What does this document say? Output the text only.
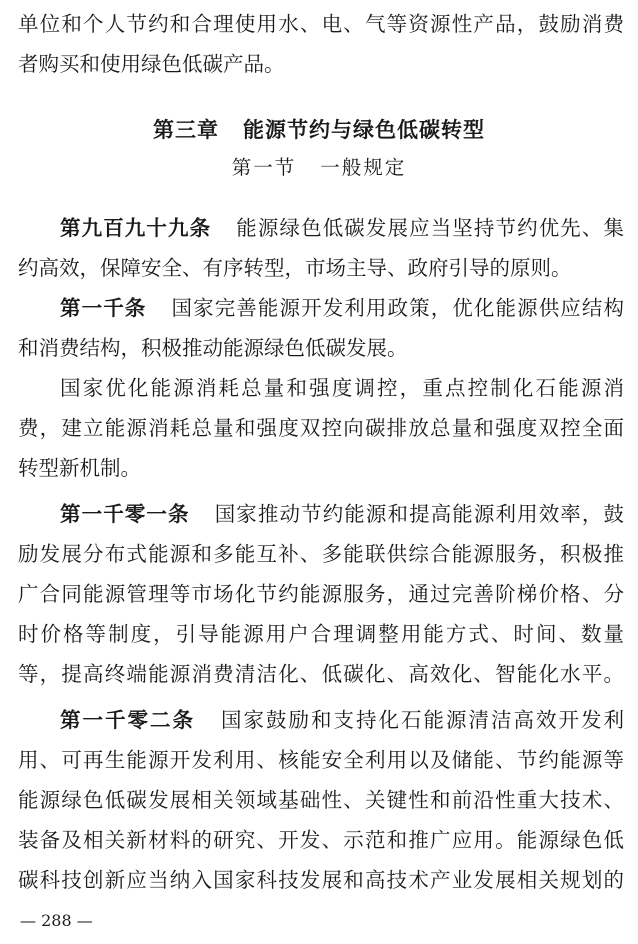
单位和个人节约和合理使用水、电、气等资源性产品，鼓励消费
者购买和使用绿色低碳产品。
第三章 能源节约与绿色低碳转型
第一节 一般规定
第九百九十九条 能源绿色低碳发展应当坚持节约优先、集
约高效，保障安全、有序转型，市场主导、政府引导的原则。
第一千条 国家完善能源开发利用政策，优化能源供应结构
和消费结构，积极推动能源绿色低碳发展。
国家优化能源消耗总量和强度调控，重点控制化石能源消
费，建立能源消耗总量和强度双控向碳排放总量和强度双控全面
转型新机制。
第一千零一条 国家推动节约能源和提高能源利用效率，鼓
励发展分布式能源和多能互补、多能联供综合能源服务，积极推
广合同能源管理等市场化节约能源服务，通过完善阶梯价格、分
时价格等制度，引导能源用户合理调整用能方式、时间、数量
等，提高终端能源消费清洁化、低碳化、高效化、智能化水平。
第一千零二条 国家鼓励和支持化石能源清洁高效开发利
用、可再生能源开发利用、核能安全利用以及储能、节约能源等
能源绿色低碳发展相关领域基础性、关键性和前沿性重大技术、
装备及相关新材料的研究、开发、示范和推广应用。能源绿色低
碳科技创新应当纳入国家科技发展和高技术产业发展相关规划的
— 288 —
